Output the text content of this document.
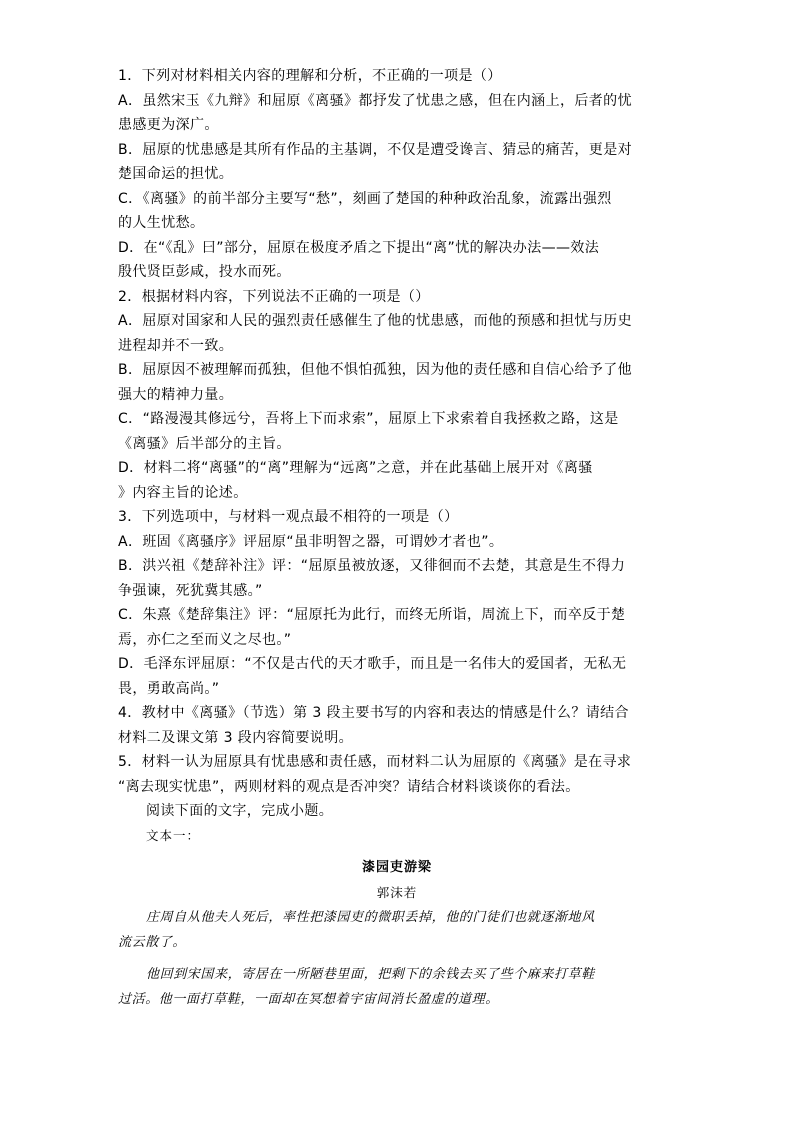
1．下列对材料相关内容的理解和分析，不正确的一项是（）
A．虽然宋玉《九辩》和屈原《离骚》都抒发了忧患之感，但在内涵上，后者的忧
患感更为深广。
B．屈原的忧患感是其所有作品的主基调，不仅是遭受谗言、猜忌的痛苦，更是对
楚国命运的担忧。
C．《离骚》的前半部分主要写“愁”，刻画了楚国的种种政治乱象，流露出强烈
的人生忧愁。
D．在“《乱》曰”部分，屈原在极度矛盾之下提出“离”忧的解决办法——效法
殷代贤臣彭咸，投水而死。
2．根据材料内容，下列说法不正确的一项是（）
A．屈原对国家和人民的强烈责任感催生了他的忧患感，而他的预感和担忧与历史
进程却并不一致。
B．屈原因不被理解而孤独，但他不惧怕孤独，因为他的责任感和自信心给予了他
强大的精神力量。
C．“路漫漫其修远兮，吾将上下而求索”，屈原上下求索着自我拯救之路，这是
《离骚》后半部分的主旨。
D．材料二将“离骚”的“离”理解为“远离”之意，并在此基础上展开对《离骚
》内容主旨的论述。
3．下列选项中，与材料一观点最不相符的一项是（）
A．班固《离骚序》评屈原“虽非明智之器，可谓妙才者也”。
B．洪兴祖《楚辞补注》评：“屈原虽被放逐，又徘徊而不去楚，其意是生不得力
争强谏，死犹冀其感。”
C．朱熹《楚辞集注》评：“屈原托为此行，而终无所诣，周流上下，而卒反于楚
焉，亦仁之至而义之尽也。”
D．毛泽东评屈原：“不仅是古代的天才歌手，而且是一名伟大的爱国者，无私无
畏，勇敢高尚。”
4．教材中《离骚》（节选）第 3 段主要书写的内容和表达的情感是什么？请结合
材料二及课文第 3 段内容简要说明。
5．材料一认为屈原具有忧患感和责任感，而材料二认为屈原的《离骚》是在寻求
“离去现实忧患”，两则材料的观点是否冲突？请结合材料谈谈你的看法。
阅读下面的文字，完成小题。
文本一：
漆园吏游梁
郭沫若
庄周自从他夫人死后，率性把漆园吏的微职丢掉，他的门徒们也就逐渐地风
流云散了。
他回到宋国来，寄居在一所陋巷里面，把剩下的余钱去买了些个麻来打草鞋
过活。他一面打草鞋，一面却在冥想着宇宙间消长盈虚的道理。
